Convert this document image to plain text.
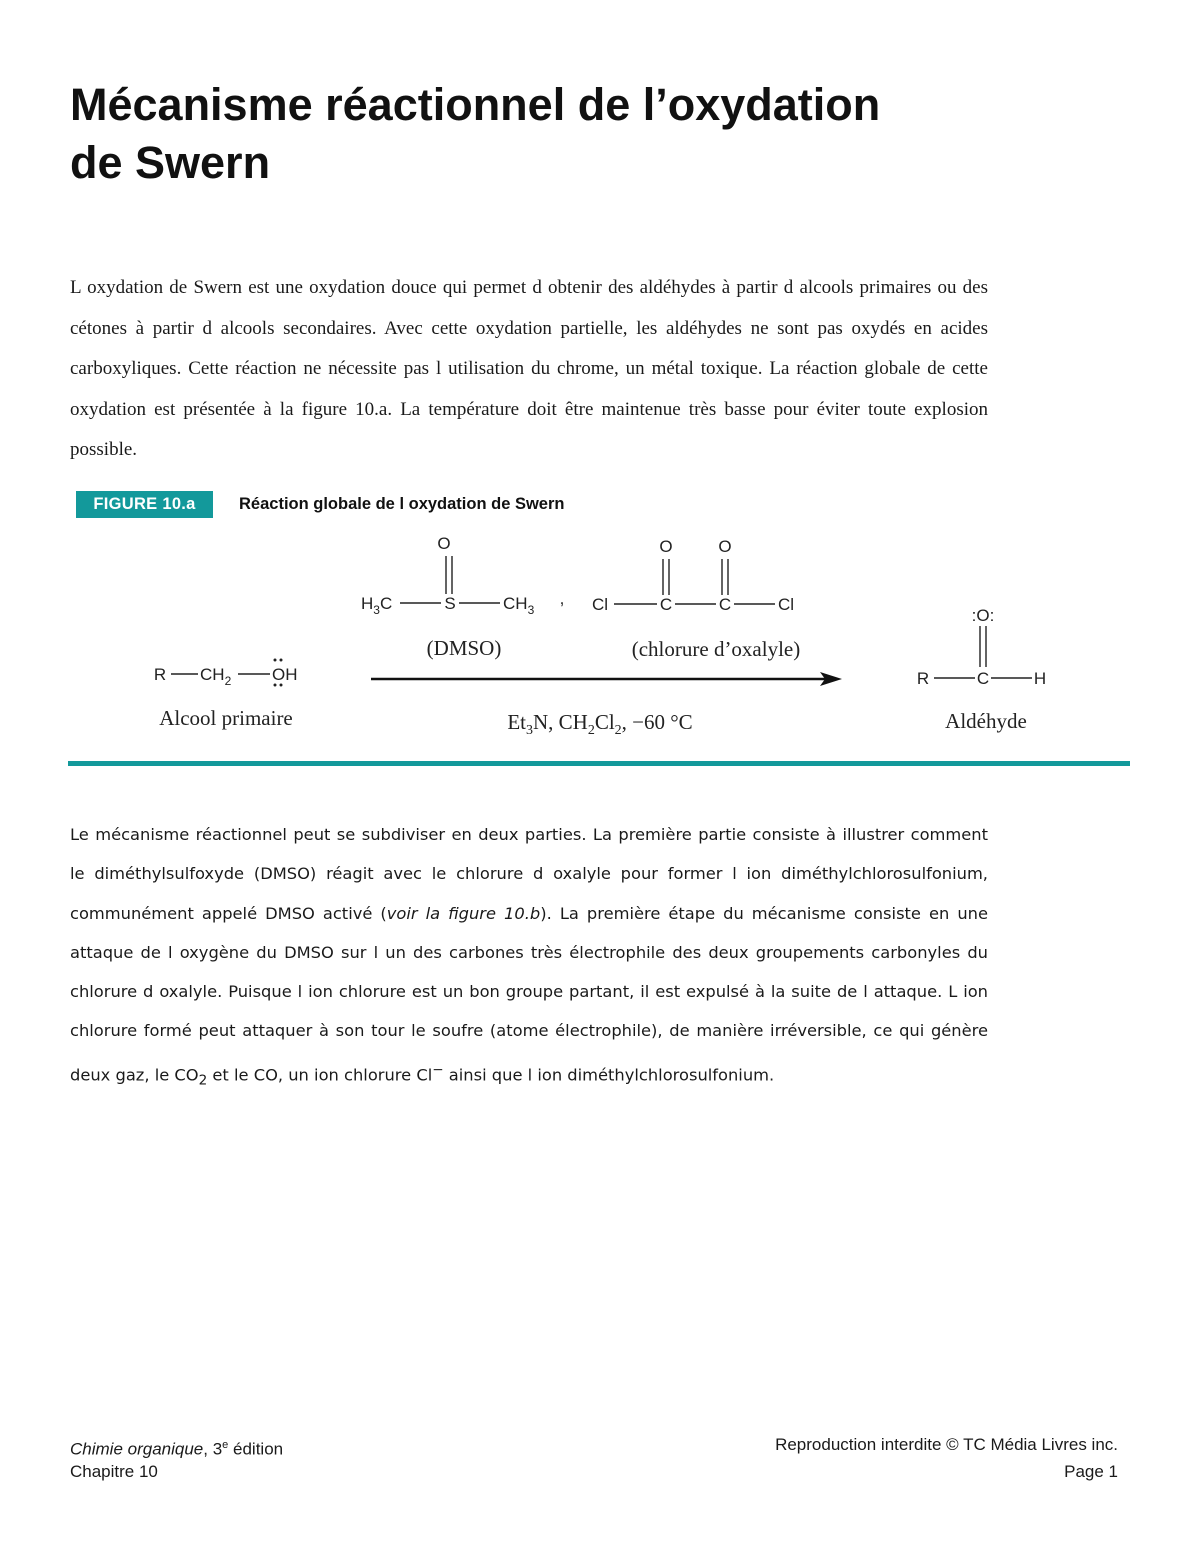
Mécanisme réactionnel de l’oxydation
de Swern

L oxydation de Swern est une oxydation douce qui permet d obtenir des aldéhydes à partir d alcools primaires ou des cétones à partir d alcools secondaires. Avec cette oxydation partielle, les aldéhydes ne sont pas oxydés en acides carboxyliques. Cette réaction ne nécessite pas l utilisation du chrome, un métal toxique. La réaction globale de cette oxydation est présentée à la figure 10.a. La température doit être maintenue très basse pour éviter toute explosion possible.

FIGURE 10.a	Réaction globale de l oxydation de Swern
O
$H_3C$	S	$CH_3$
,
O	O
Cl	C	C	Cl
R $CH_2$ OH
:O:
R	C	H
(DMSO)	(chlorure d’oxalyle)
Alcool primaire	Aldéhyde
$Et_3N$, $CH_2Cl_2$, −60 °C

Le mécanisme réactionnel peut se subdiviser en deux parties. La première partie consiste à illustrer comment le diméthylsulfoxyde (DMSO) réagit avec le chlorure d oxalyle pour former l ion diméthylchlorosulfonium, communément appelé DMSO activé (voir la figure 10.b). La première étape du mécanisme consiste en une attaque de l oxygène du DMSO sur l un des carbones très électrophile des deux groupements carbonyles du chlorure d oxalyle. Puisque l ion chlorure est un bon groupe partant, il est expulsé à la suite de l attaque. L ion chlorure formé peut attaquer à son tour le soufre (atome électrophile), de manière irréversible, ce qui génère deux gaz, le $CO_2$ et le CO, un ion chlorure Cl− ainsi que l ion diméthylchlorosulfonium.

Chimie organique, 3e édition
Chapitre 10
Reproduction interdite © TC Média Livres inc.
Page 1
